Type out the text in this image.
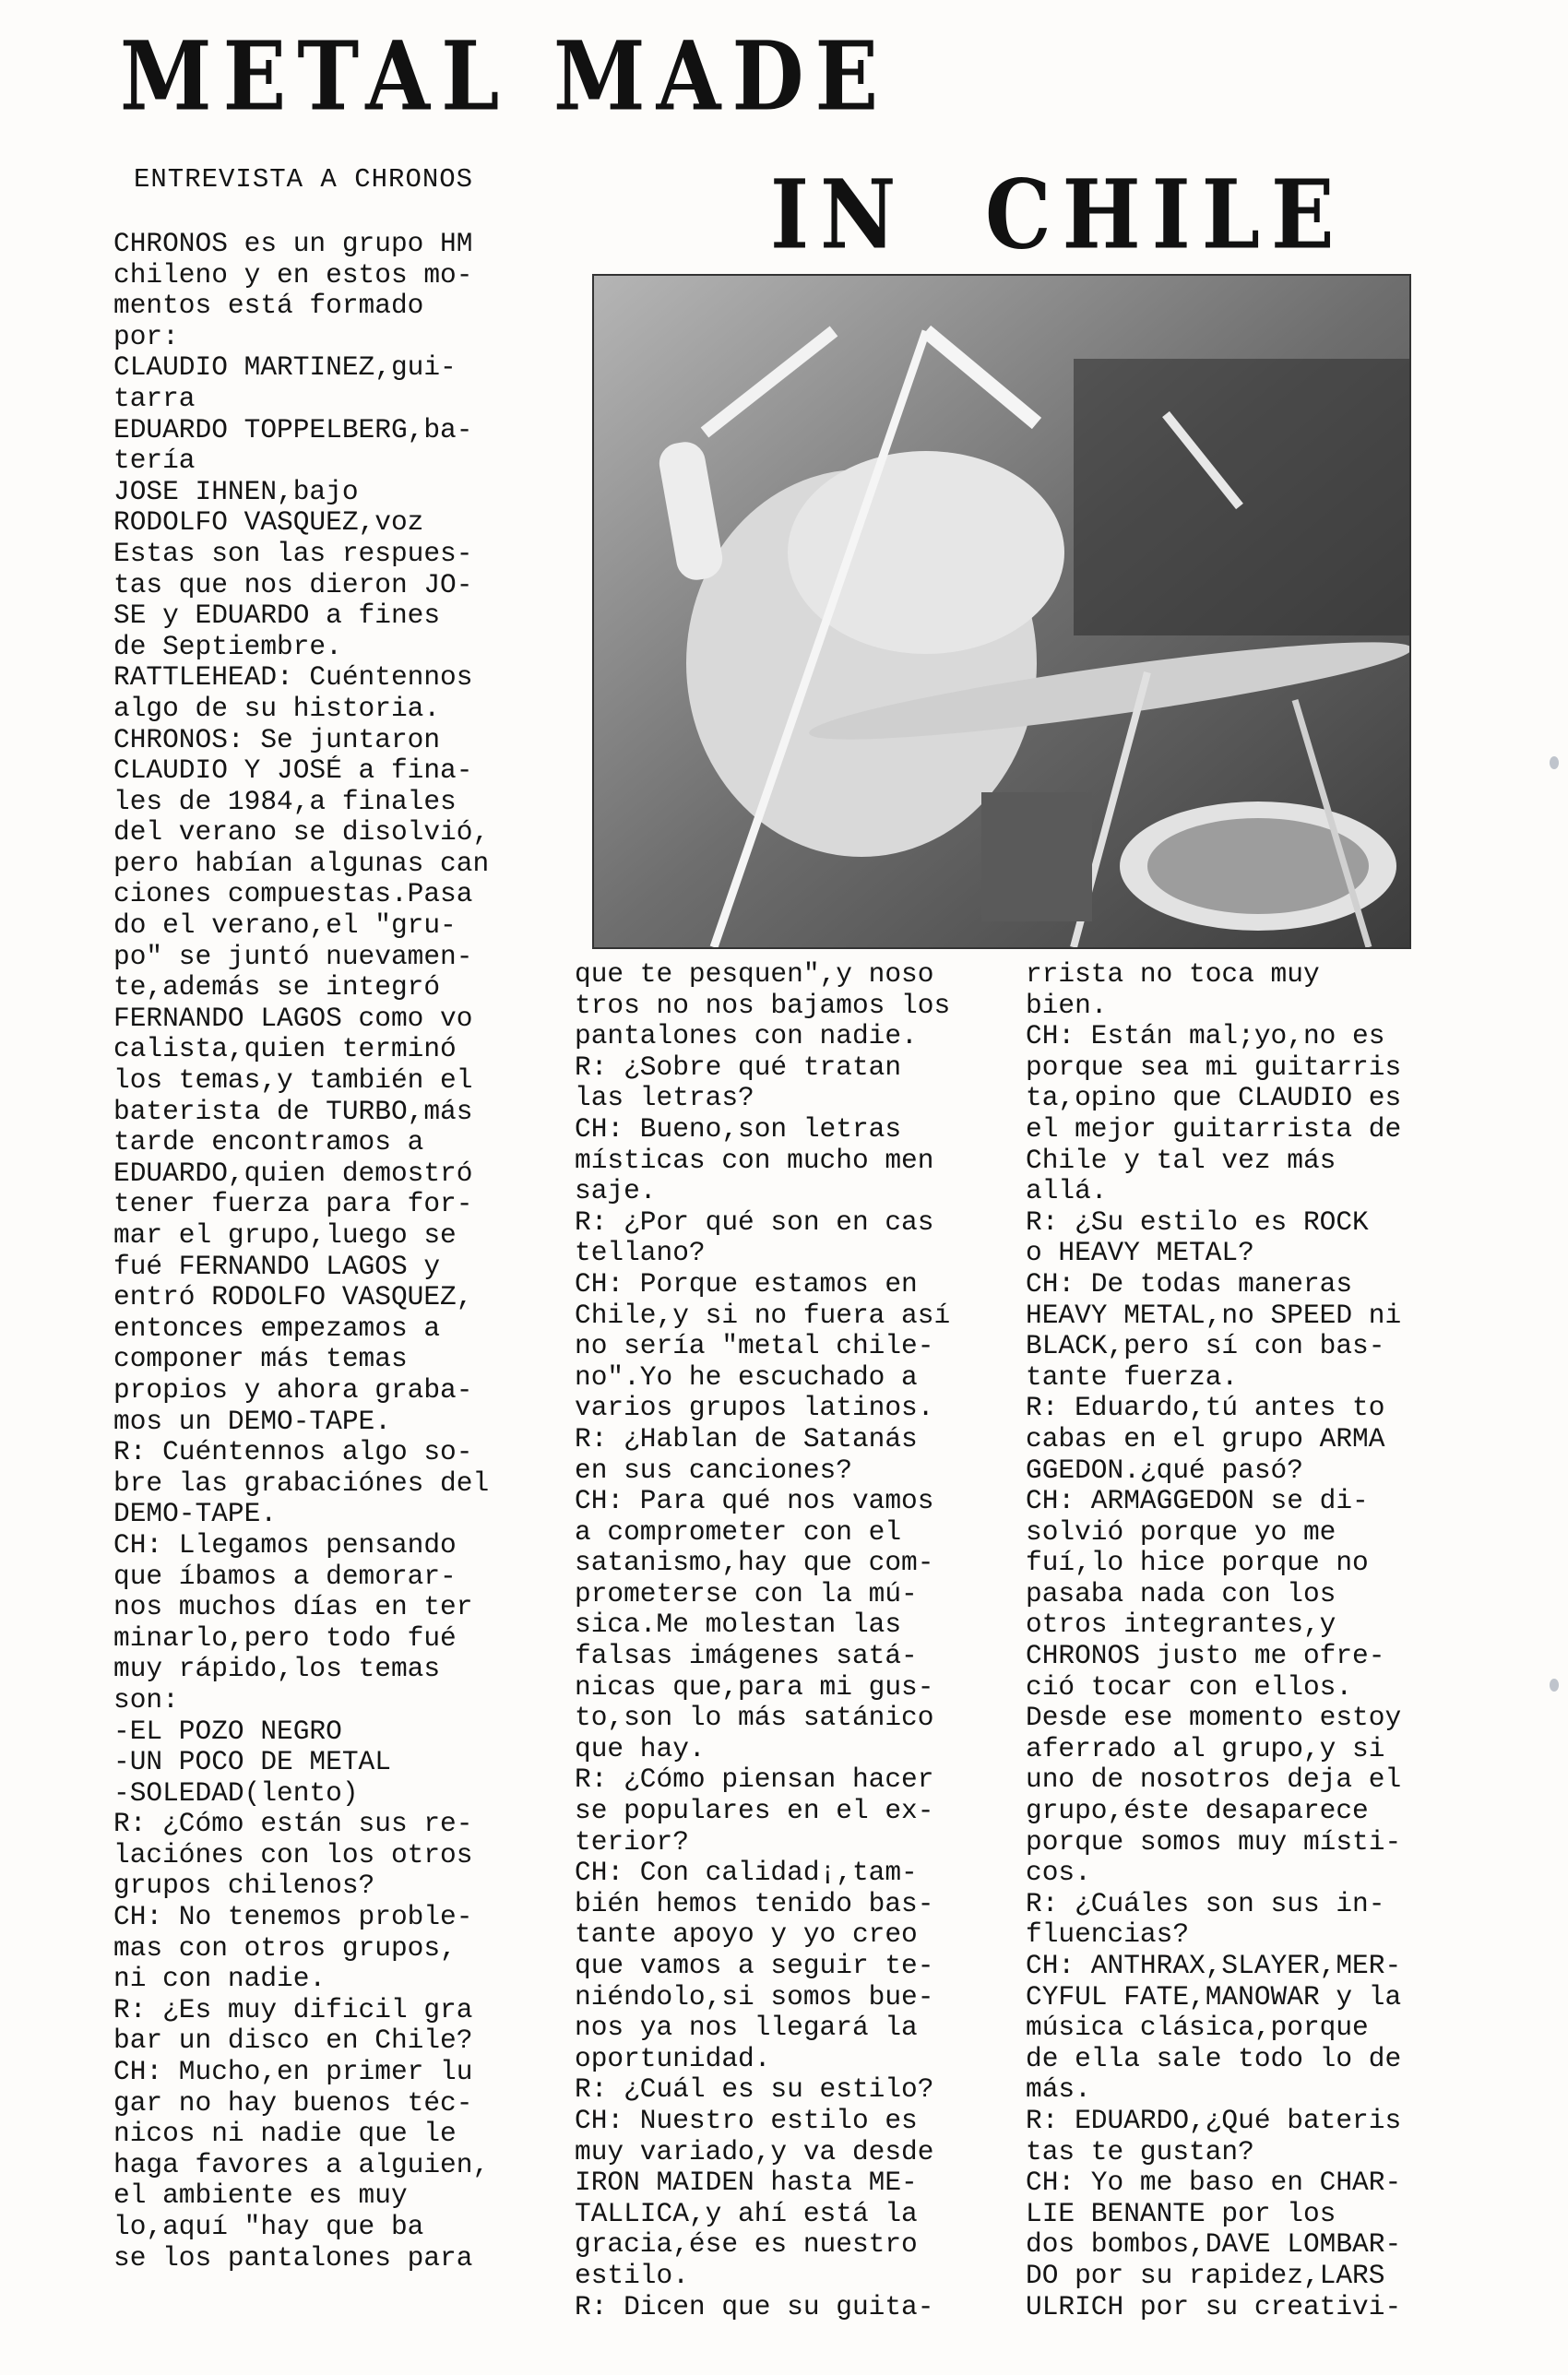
METAL MADE
IN CHILE
ENTREVISTA A CHRONOS
CHRONOS es un grupo HM
chileno y en estos mo-
mentos está formado
por:
CLAUDIO MARTINEZ,gui-
tarra
EDUARDO TOPPELBERG,ba-
tería
JOSE IHNEN,bajo
RODOLFO VASQUEZ,voz
Estas son las respues-
tas que nos dieron JO-
SE y EDUARDO a fines
de Septiembre.
RATTLEHEAD: Cuéntennos
algo de su historia.
CHRONOS: Se juntaron
CLAUDIO Y JOSÉ a fina-
les de 1984,a finales
del verano se disolvió,
pero habían algunas can
ciones compuestas.Pasa
do el verano,el "gru-
po" se juntó nuevamen-
te,además se integró
FERNANDO LAGOS como vo
calista,quien terminó
los temas,y también el
baterista de TURBO,más
tarde encontramos a
EDUARDO,quien demostró
tener fuerza para for-
mar el grupo,luego se
fué FERNANDO LAGOS y
entró RODOLFO VASQUEZ,
entonces empezamos a
componer más temas
propios y ahora graba-
mos un DEMO-TAPE.
R: Cuéntennos algo so-
bre las grabaciónes del
DEMO-TAPE.
CH: Llegamos pensando
que íbamos a demorar-
nos muchos días en ter
minarlo,pero todo fué
muy rápido,los temas
son:
-EL POZO NEGRO
-UN POCO DE METAL
-SOLEDAD(lento)
R: ¿Cómo están sus re-
laciónes con los otros
grupos chilenos?
CH: No tenemos proble-
mas con otros grupos,
ni con nadie.
R: ¿Es muy dificil gra
bar un disco en Chile?
CH: Mucho,en primer lu
gar no hay buenos téc-
nicos ni nadie que le
haga favores a alguien,
el ambiente es muy
lo,aquí "hay que ba
se los pantalones para
que te pesquen",y noso
tros no nos bajamos los
pantalones con nadie.
R: ¿Sobre qué tratan
las letras?
CH: Bueno,son letras
místicas con mucho men
saje.
R: ¿Por qué son en cas
tellano?
CH: Porque estamos en
Chile,y si no fuera así
no sería "metal chile-
no".Yo he escuchado a
varios grupos latinos.
R: ¿Hablan de Satanás
en sus canciones?
CH: Para qué nos vamos
a comprometer con el
satanismo,hay que com-
prometerse con la mú-
sica.Me molestan las
falsas imágenes satá-
nicas que,para mi gus-
to,son lo más satánico
que hay.
R: ¿Cómo piensan hacer
se populares en el ex-
terior?
CH: Con calidad¡,tam-
bién hemos tenido bas-
tante apoyo y yo creo
que vamos a seguir te-
niéndolo,si somos bue-
nos ya nos llegará la
oportunidad.
R: ¿Cuál es su estilo?
CH: Nuestro estilo es
muy variado,y va desde
IRON MAIDEN hasta ME-
TALLICA,y ahí está la
gracia,ése es nuestro
estilo.
R: Dicen que su guita-
rrista no toca muy
bien.
CH: Están mal;yo,no es
porque sea mi guitarris
ta,opino que CLAUDIO es
el mejor guitarrista de
Chile y tal vez más
allá.
R: ¿Su estilo es ROCK
o HEAVY METAL?
CH: De todas maneras
HEAVY METAL,no SPEED ni
BLACK,pero sí con bas-
tante fuerza.
R: Eduardo,tú antes to
cabas en el grupo ARMA
GGEDON.¿qué pasó?
CH: ARMAGGEDON se di-
solvió porque yo me
fuí,lo hice porque no
pasaba nada con los
otros integrantes,y
CHRONOS justo me ofre-
ció tocar con ellos.
Desde ese momento estoy
aferrado al grupo,y si
uno de nosotros deja el
grupo,éste desaparece
porque somos muy místi-
cos.
R: ¿Cuáles son sus in-
fluencias?
CH: ANTHRAX,SLAYER,MER-
CYFUL FATE,MANOWAR y la
música clásica,porque
de ella sale todo lo de
más.
R: EDUARDO,¿Qué bateris
tas te gustan?
CH: Yo me baso en CHAR-
LIE BENANTE por los
dos bombos,DAVE LOMBAR-
DO por su rapidez,LARS
ULRICH por su creativi-
